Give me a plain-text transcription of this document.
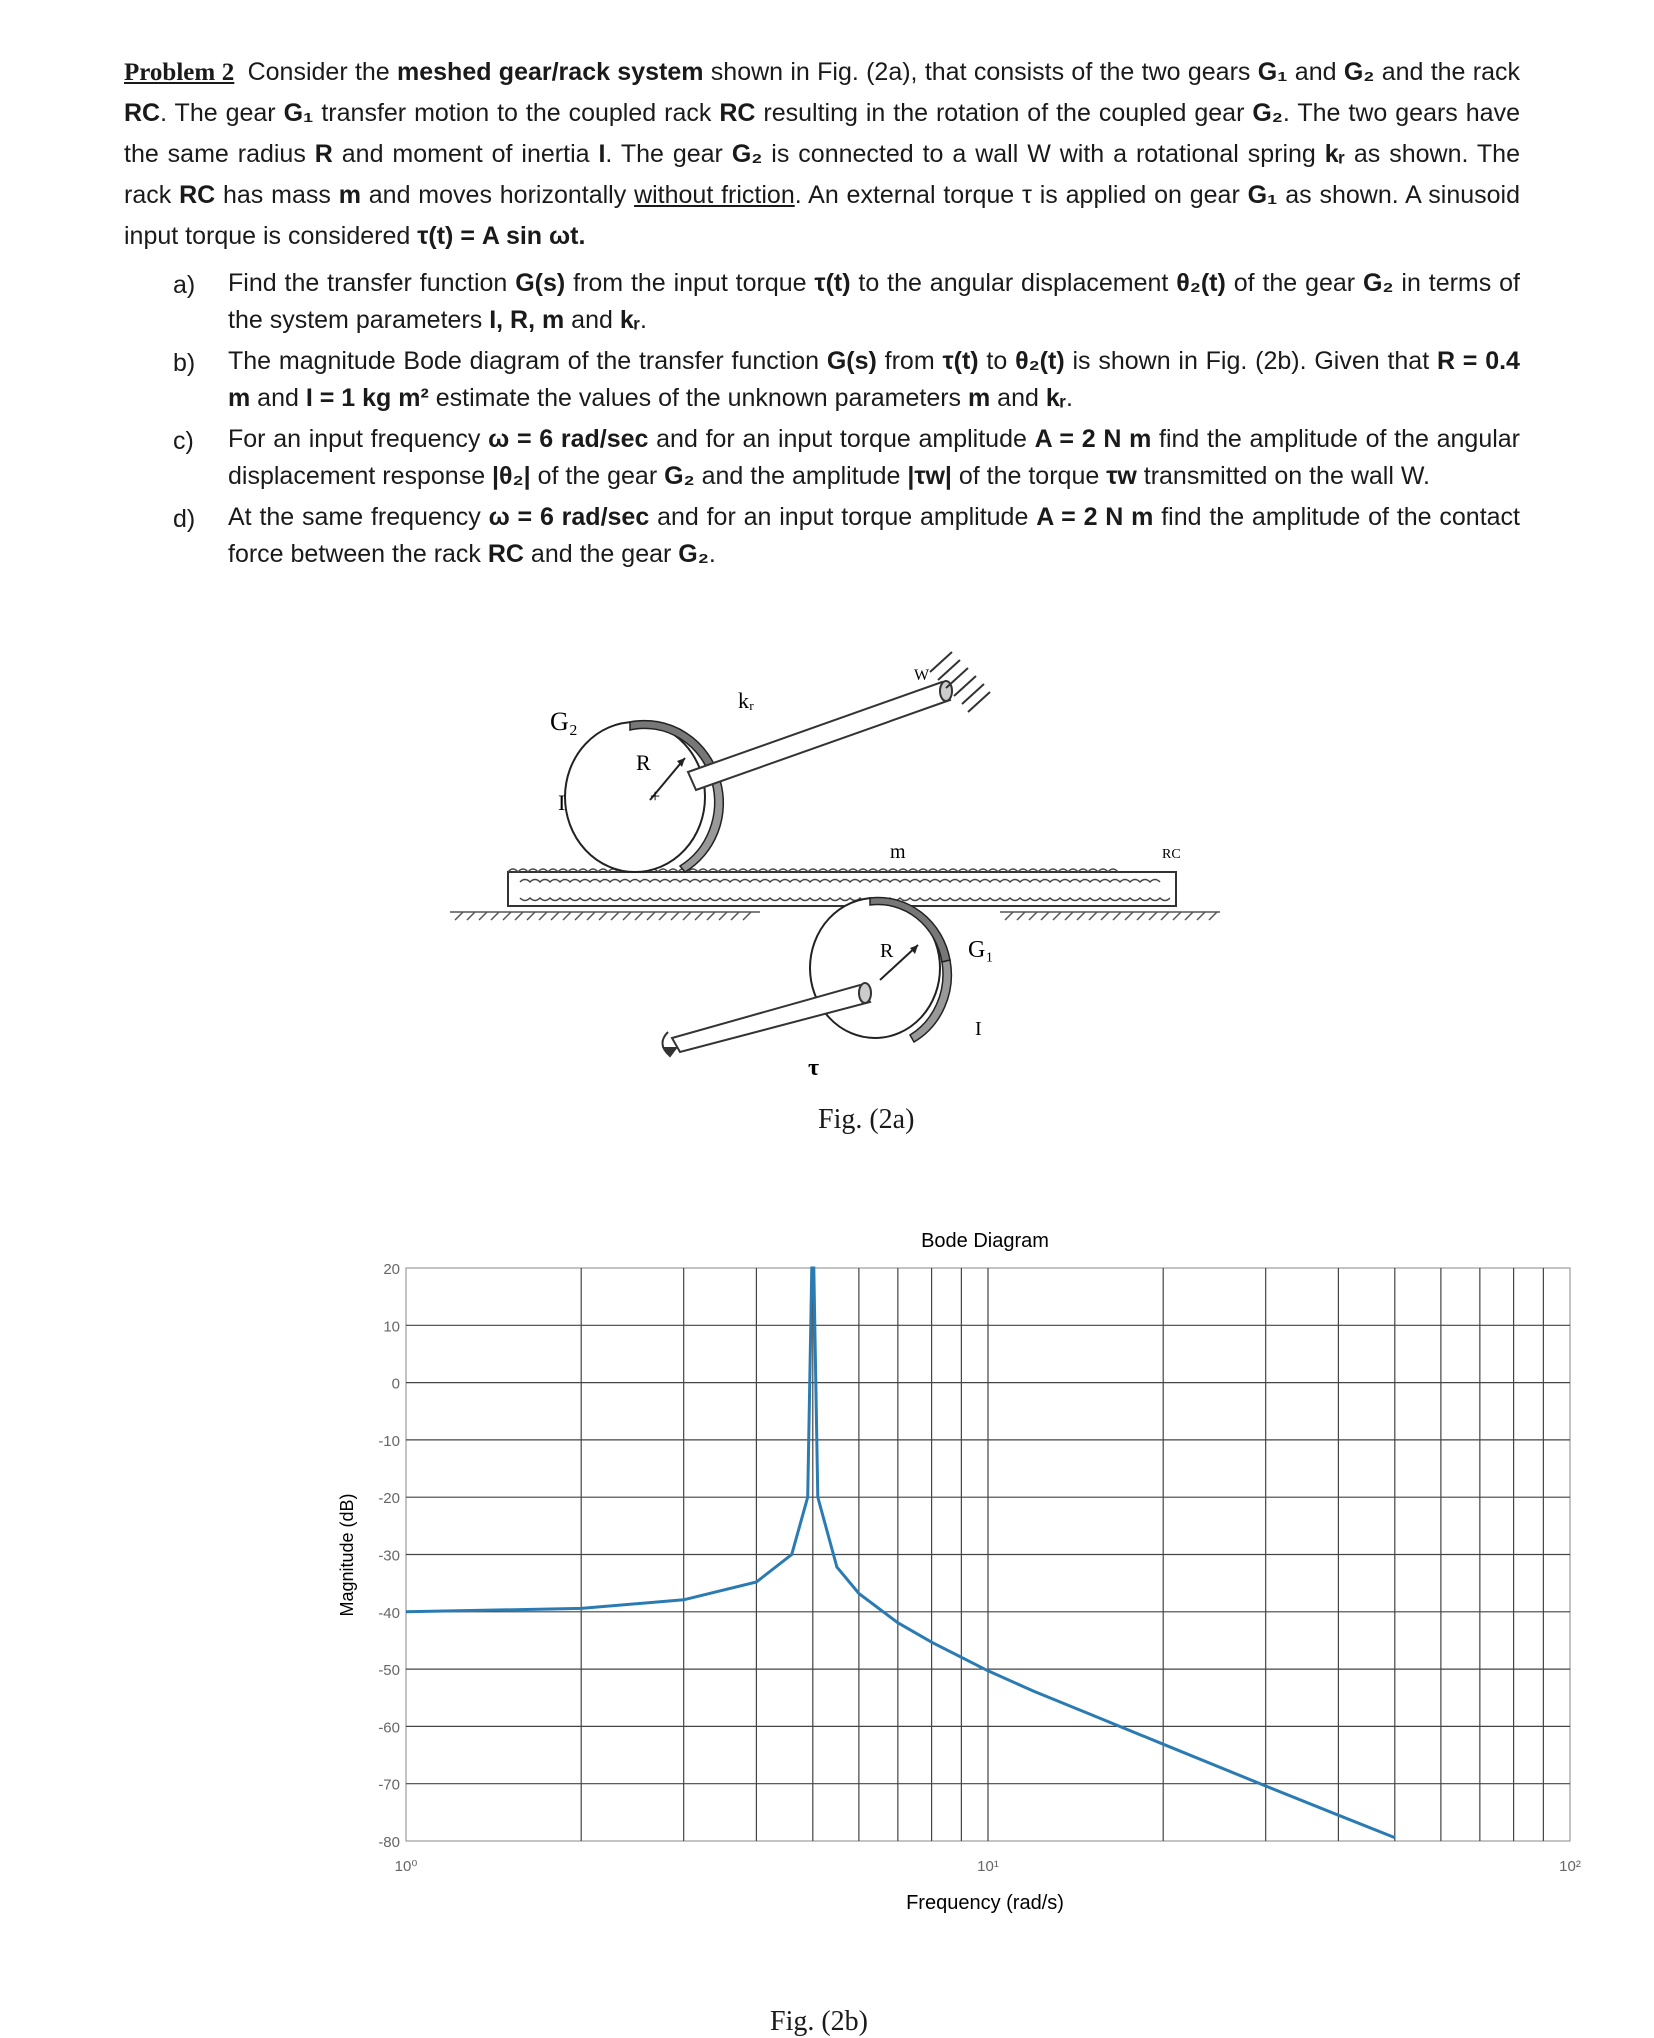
Problem 2 Consider the meshed gear/rack system shown in Fig. (2a), that consists of the two gears G₁ and G₂ and the rack RC. The gear G₁ transfer motion to the coupled rack RC resulting in the rotation of the coupled gear G₂. The two gears have the same radius R and moment of inertia I. The gear G₂ is connected to a wall W with a rotational spring kᵣ as shown. The rack RC has mass m and moves horizontally without friction. An external torque τ is applied on gear G₁ as shown. A sinusoid input torque is considered τ(t) = A sin ωt.
a)	Find the transfer function G(s) from the input torque τ(t) to the angular displacement θ₂(t) of the gear G₂ in terms of the system parameters I, R, m and kᵣ.
b)	The magnitude Bode diagram of the transfer function G(s) from τ(t) to θ₂(t) is shown in Fig. (2b). Given that R = 0.4 m and I = 1 kg m² estimate the values of the unknown parameters m and kᵣ.
c)	For an input frequency ω = 6 rad/sec and for an input torque amplitude A = 2 N m find the amplitude of the angular displacement response |θ₂| of the gear G₂ and the amplitude |τw| of the torque τw transmitted on the wall W.
d)	At the same frequency ω = 6 rad/sec and for an input torque amplitude A = 2 N m find the amplitude of the contact force between the rack RC and the gear G₂.
+
G₂
I
R
kᵣ
W
m	RC
R	G₁
I
τ
Fig. (2a)
Bode Diagram
20
10
0
-10
-20
-30
-40
-50
-60
-70
-80
10⁰	10¹	10²
Magnitude (dB)
Frequency (rad/s)
Fig. (2b)
